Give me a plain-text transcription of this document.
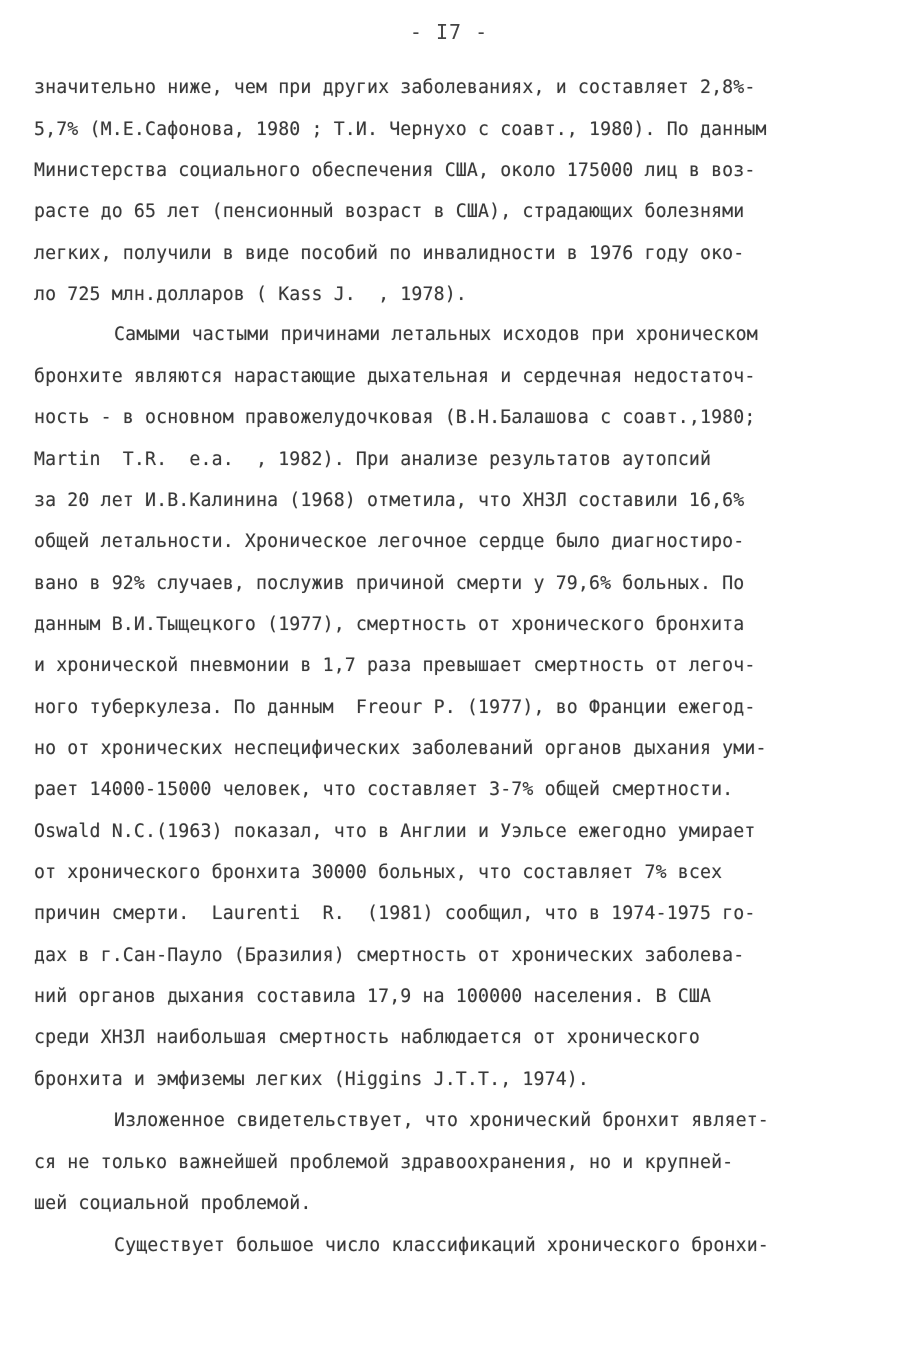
- I7 -
значительно ниже, чем при других заболеваниях, и составляет 2,8%-
5,7% (М.Е.Сафонова, 1980 ; Т.И. Чернухо с соавт., 1980). По данным
Министерства социального обеспечения США, около 175000 лиц в воз-
расте до 65 лет (пенсионный возраст в США), страдающих болезнями
легких, получили в виде пособий по инвалидности в 1976 году око-
ло 725 млн.долларов ( Kass J.  , 1978).
Самыми частыми причинами летальных исходов при хроническом
бронхите являются нарастающие дыхательная и сердечная недостаточ-
ность - в основном правожелудочковая (В.Н.Балашова с соавт.,1980;
Martin  T.R.  e.a.  , 1982). При анализе результатов аутопсий
за 20 лет И.В.Калинина (1968) отметила, что ХНЗЛ составили 16,6%
общей летальности. Хроническое легочное сердце было диагностиро-
вано в 92% случаев, послужив причиной смерти у 79,6% больных. По
данным В.И.Тыщецкого (1977), смертность от хронического бронхита
и хронической пневмонии в 1,7 раза превышает смертность от легоч-
ного туберкулеза. По данным  Freour P. (1977), во Франции ежегод-
но от хронических неспецифических заболеваний органов дыхания уми-
рает 14000-15000 человек, что составляет 3-7% общей смертности.
Oswald N.C.(1963) показал, что в Англии и Уэльсе ежегодно умирает
от хронического бронхита 30000 больных, что составляет 7% всех
причин смерти.  Laurenti  R.  (1981) сообщил, что в 1974-1975 го-
дах в г.Сан-Пауло (Бразилия) смертность от хронических заболева-
ний органов дыхания составила 17,9 на 100000 населения. В США
среди ХНЗЛ наибольшая смертность наблюдается от хронического
бронхита и эмфиземы легких (Higgins J.T.T., 1974).
Изложенное свидетельствует, что хронический бронхит являет-
ся не только важнейшей проблемой здравоохранения, но и крупней-
шей социальной проблемой.
Существует большое число классификаций хронического бронхи-
